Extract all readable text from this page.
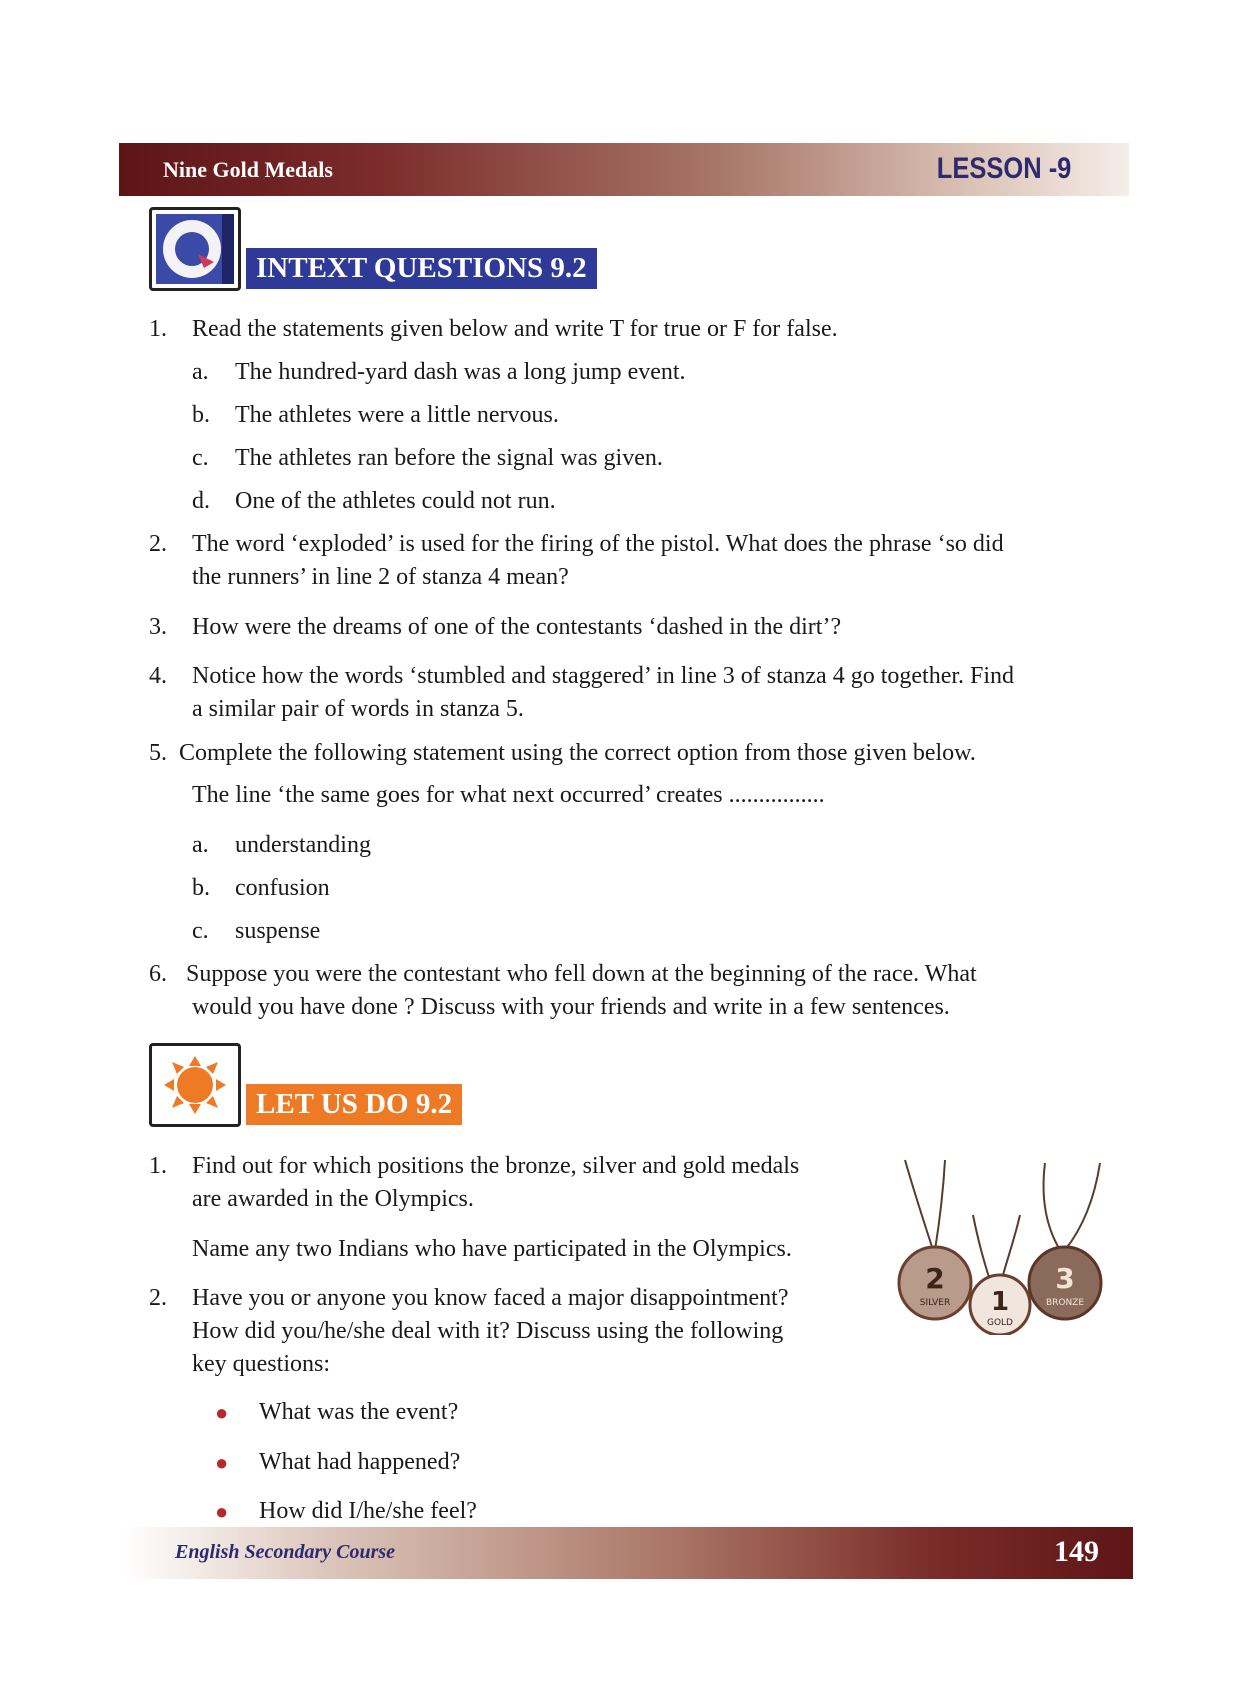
Nine Gold Medals	LESSON -9
INTEXT QUESTIONS 9.2
1. Read the statements given below and write T for true or F for false.
a. The hundred-yard dash was a long jump event.
b. The athletes were a little nervous.
c. The athletes ran before the signal was given.
d. One of the athletes could not run.
2. The word ‘exploded’ is used for the firing of the pistol. What does the phrase ‘so did
the runners’ in line 2 of stanza 4 mean?
3. How were the dreams of one of the contestants ‘dashed in the dirt’?
4. Notice how the words ‘stumbled and staggered’ in line 3 of stanza 4 go together. Find
a similar pair of words in stanza 5.
5. Complete the following statement using the correct option from those given below.
The line ‘the same goes for what next occurred’ creates ................
a. understanding
b. confusion
c. suspense
6. Suppose you were the contestant who fell down at the beginning of the race. What
would you have done ? Discuss with your friends and write in a few sentences.
LET US DO 9.2
1. Find out for which positions the bronze, silver and gold medals
are awarded in the Olympics.
Name any two Indians who have participated in the Olympics.
2. Have you or anyone you know faced a major disappointment?
How did you/he/she deal with it? Discuss using the following
key questions:
● What was the event?
● What had happened?
● How did I/he/she feel?
2
SILVER
3
BRONZE
1
GOLD
English Secondary Course	149
